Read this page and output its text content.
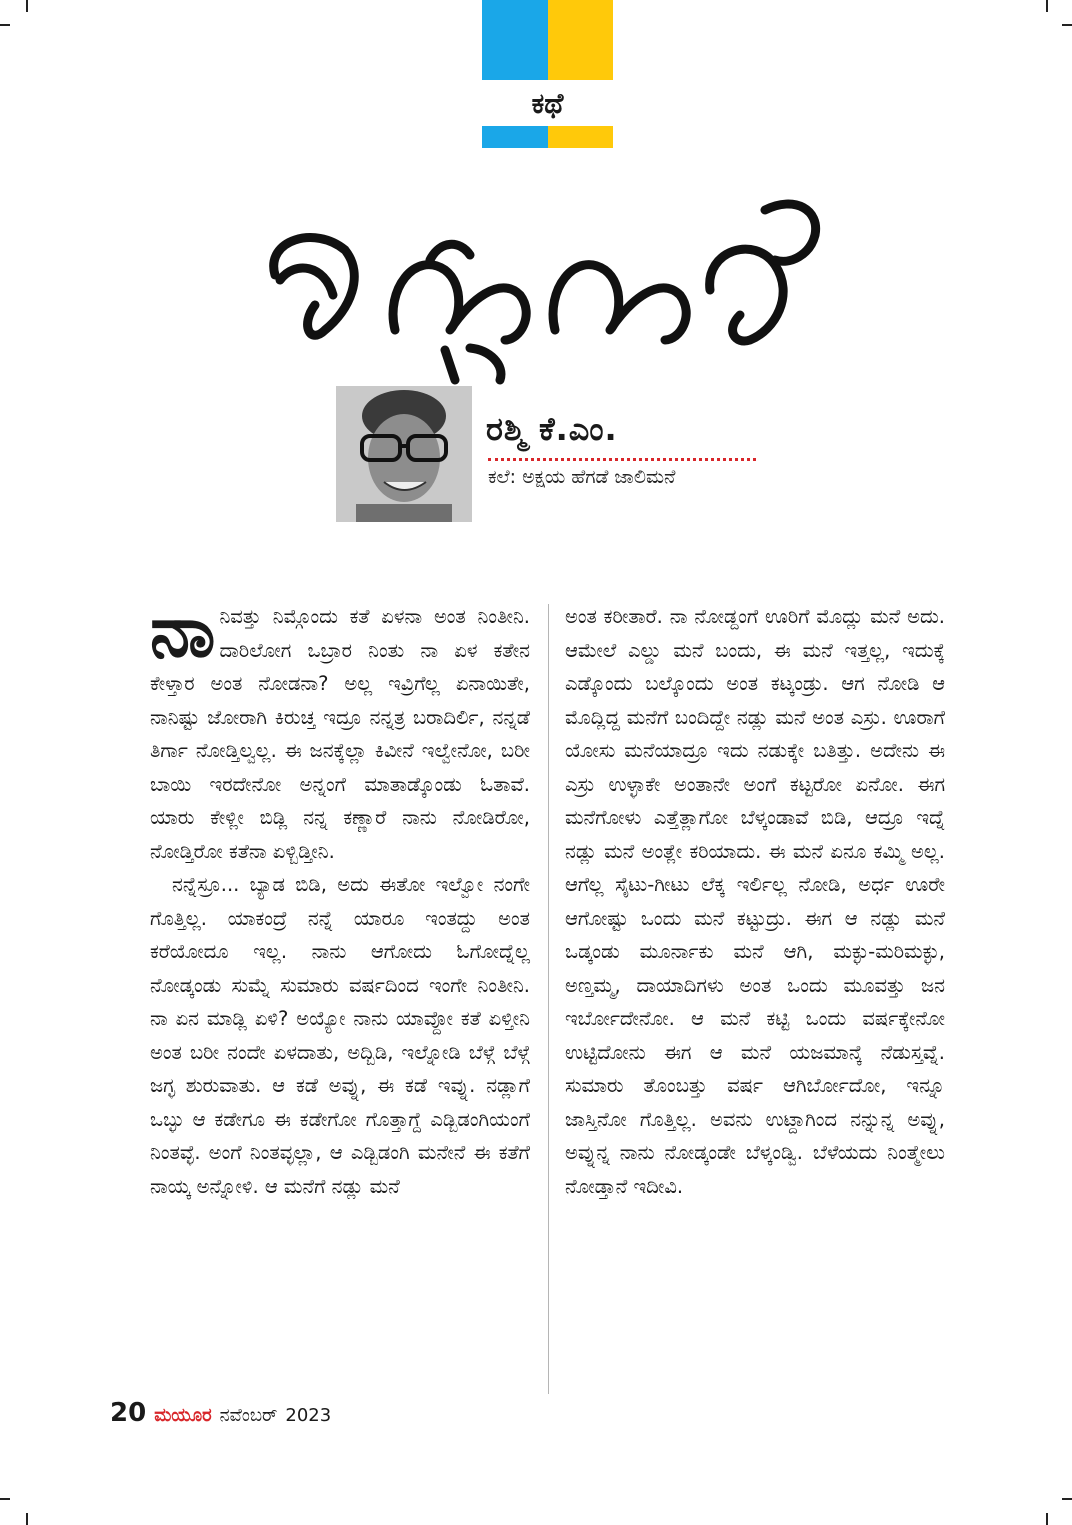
ಕಥೆ
ರಶ್ಮಿ ಕೆ.ಎಂ.
ಕಲೆ: ಅಕ್ಷಯ ಹೆಗಡೆ ಜಾಲಿಮನೆ

ನಾನಿವತ್ತು ನಿಮ್ಗೊಂದು ಕತೆ ಏಳನಾ ಅಂತ ನಿಂತೀನಿ. ದಾರಿಲೋಗ ಒಬ್ರಾರ ನಿಂತು ನಾ ಏಳ ಕತೇನ ಕೇಳ್ತಾರ ಅಂತ ನೋಡನಾ? ಅಲ್ಲ ಇವ್ರಿಗೆಲ್ಲ ಏನಾಯಿತೇ, ನಾನಿಷ್ಟು ಜೋರಾಗಿ ಕಿರುಚ್ತ ಇದ್ರೂ ನನ್ನತ್ರ ಬರಾದಿರ್ಲಿ, ನನ್ನಡೆ ತಿರ್ಗಾ ನೋಡ್ತಿಲ್ವಲ್ಲ. ಈ ಜನಕ್ಕೆಲ್ಲಾ ಕಿವೀನೆ ಇಲ್ವೇನೋ, ಬರೀ ಬಾಯಿ ಇರದೇನೋ ಅನ್ನಂಗೆ ಮಾತಾಡ್ಕೊಂಡು ಓತಾವೆ. ಯಾರು ಕೇಳ್ಲೀ ಬಿಡ್ಲಿ ನನ್ನ ಕಣ್ಣಾರೆ ನಾನು ನೋಡಿರೋ, ನೋಡ್ತಿರೋ ಕತೆನಾ ಏಳ್ಬಿಡ್ತೀನಿ.

ನನ್ನೆಸ್ರೂ... ಬ್ಯಾಡ ಬಿಡಿ, ಅದು ಈತೋ ಇಲ್ವೋ ನಂಗೇ ಗೊತ್ತಿಲ್ಲ. ಯಾಕಂದ್ರೆ ನನ್ನೆ ಯಾರೂ ಇಂತದ್ದು ಅಂತ ಕರೆಯೋದೂ ಇಲ್ಲ. ನಾನು ಆಗೋದು ಓಗೋದ್ನೆಲ್ಲ ನೋಡ್ಕಂಡು ಸುಮ್ನೆ ಸುಮಾರು ವರ್ಷದಿಂದ ಇಂಗೇ ನಿಂತೀನಿ. ನಾ ಏನ ಮಾಡ್ಲಿ ಏಳಿ? ಅಯ್ಯೋ ನಾನು ಯಾವ್ದೋ ಕತೆ ಏಳ್ತೀನಿ ಅಂತ ಬರೀ ನಂದೇ ಏಳದಾತು, ಅದ್ಬಿಡಿ, ಇಲ್ನೋಡಿ ಬೆಳ್ಗೆ ಬೆಳ್ಗೆ ಜಗ್ಳ ಶುರುವಾತು. ಆ ಕಡೆ ಅವ್ನು, ಈ ಕಡೆ ಇವ್ನು. ನಡ್ಲಾಗೆ ಒಬ್ಳು ಆ ಕಡೇಗೂ ಈ ಕಡೇಗೋ ಗೊತ್ತಾಗ್ದೆ ಎಡ್ಬಿಡಂಗಿಯಂಗೆ ನಿಂತವ್ಳೆ. ಅಂಗೆ ನಿಂತವ್ಳಲ್ಲಾ, ಆ ಎಡ್ಬಿಡಂಗಿ ಮನೇನೆ ಈ ಕತೆಗೆ ನಾಯ್ಕ ಅನ್ನೋಳಿ. ಆ ಮನೆಗೆ ನಡ್ಲು ಮನೆ

ಅಂತ ಕರೀತಾರೆ. ನಾ ನೋಡ್ದಂಗೆ ಊರಿಗೆ ಮೊದ್ಲು ಮನೆ ಅದು. ಆಮೇಲೆ ಎಲ್ಡು ಮನೆ ಬಂದು, ಈ ಮನೆ ಇತ್ತಲ್ಲ, ಇದುಕ್ಕೆ ಎಡ್ಕೊಂದು ಬಲ್ಕೊಂದು ಅಂತ ಕಟ್ಕಂಡ್ರು. ಆಗ ನೋಡಿ ಆ ಮೊದ್ಲಿದ್ದ ಮನೆಗೆ ಬಂದಿದ್ದೇ ನಡ್ಲು ಮನೆ ಅಂತ ಎಸ್ರು. ಊರಾಗೆ ಯೋಸು ಮನೆಯಾದ್ರೂ ಇದು ನಡುಕ್ಕೇ ಬತಿತ್ತು. ಅದೇನು ಈ ಎಸ್ರು ಉಳ್ಳಾಕೇ ಅಂತಾನೇ ಅಂಗೆ ಕಟ್ಟರೋ ಏನೋ. ಈಗ ಮನೆಗೋಳು ಎತ್ತೆತ್ಲಾಗೋ ಬೆಳ್ಕಂಡಾವೆ ಬಿಡಿ, ಆದ್ರೂ ಇದ್ನೆ ನಡ್ಲು ಮನೆ ಅಂತ್ಲೇ ಕರಿಯಾದು. ಈ ಮನೆ ಏನೂ ಕಮ್ಮಿ ಅಲ್ಲ. ಆಗೆಲ್ಲ ಸೈಟು-ಗೀಟು ಲೆಕ್ಕ ಇರ್ಲಿಲ್ಲ ನೋಡಿ, ಅರ್ಧ ಊರೇ ಆಗೋಷ್ಟು ಒಂದು ಮನೆ ಕಟ್ಟುದ್ರು. ಈಗ ಆ ನಡ್ಲು ಮನೆ ಒಡ್ಕಂಡು ಮೂರ್ನಾಕು ಮನೆ ಆಗಿ, ಮಕ್ಳು-ಮರಿಮಕ್ಳು, ಅಣ್ತಮ್ಮ, ದಾಯಾದಿಗಳು ಅಂತ ಒಂದು ಮೂವತ್ತು ಜನ ಇರ್ಬೋದೇನೋ. ಆ ಮನೆ ಕಟ್ಟಿ ಒಂದು ವರ್ಷಕ್ಕೇನೋ ಉಟ್ಟಿದೋನು ಈಗ ಆ ಮನೆ ಯಜಮಾನ್ಕೆ ನೆಡುಸ್ತವ್ನೆ. ಸುಮಾರು ತೊಂಬತ್ತು ವರ್ಷ ಆಗಿರ್ಬೋದೋ, ಇನ್ನೂ ಜಾಸ್ತಿನೋ ಗೊತ್ತಿಲ್ಲ. ಅವನು ಉಟ್ದಾಗಿಂದ ನನ್ನುನ್ನ ಅವ್ನು, ಅವ್ನುನ್ನ ನಾನು ನೋಡ್ಕಂಡೇ ಬೆಳ್ಕಂಡ್ವಿ. ಬೆಳೆಯದು ನಿಂತ್ಮೇಲು ನೋಡ್ತಾನೆ ಇದೀವಿ.

20 ಮಯೂರ ನವೆಂಬರ್ 2023
